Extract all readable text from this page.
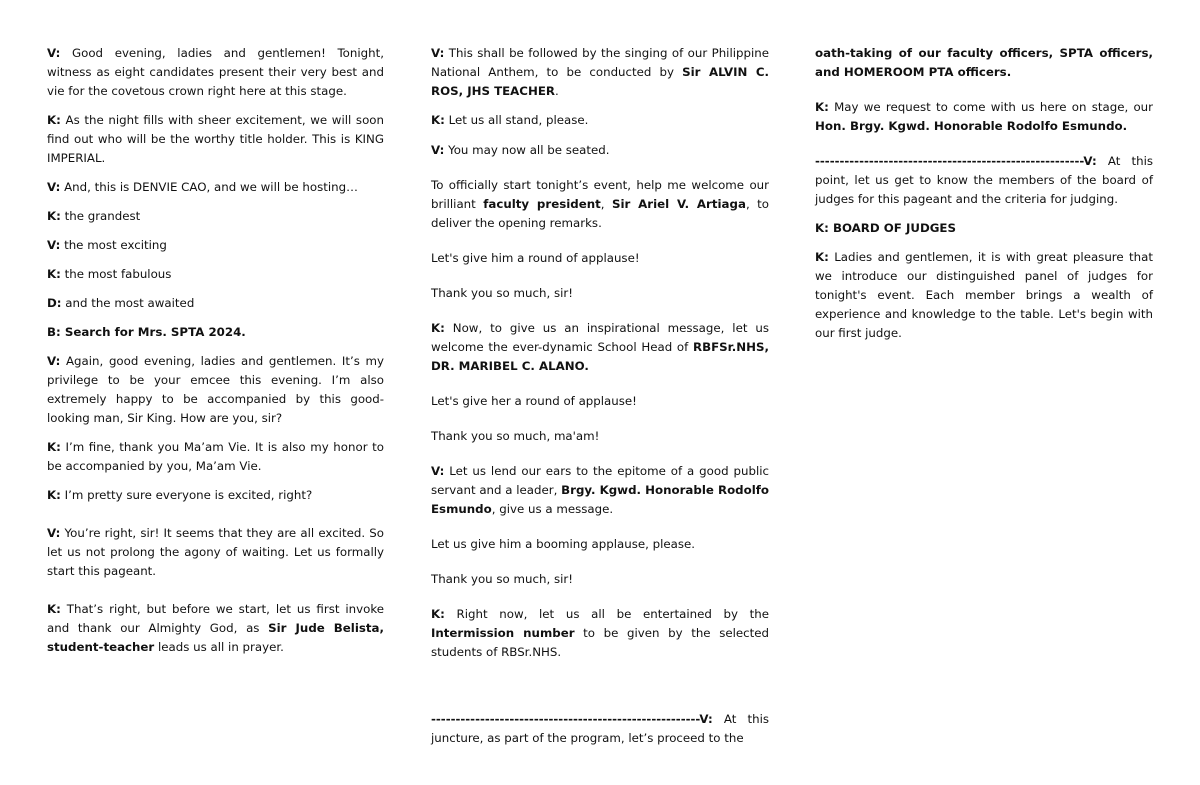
V: Good evening, ladies and gentlemen! Tonight, witness as eight candidates present their very best and vie for the covetous crown right here at this stage.

K: As the night fills with sheer excitement, we will soon find out who will be the worthy title holder. This is KING IMPERIAL.

V: And, this is DENVIE CAO, and we will be hosting…

K: the grandest

V: the most exciting

K: the most fabulous

D: and the most awaited

B: Search for Mrs. SPTA 2024.

V: Again, good evening, ladies and gentlemen. It’s my privilege to be your emcee this evening. I’m also extremely happy to be accompanied by this good-looking man, Sir King. How are you, sir?

K: I’m fine, thank you Ma’am Vie. It is also my honor to be accompanied by you, Ma’am Vie.

K: I’m pretty sure everyone is excited, right?

V: You’re right, sir! It seems that they are all excited. So let us not prolong the agony of waiting. Let us formally start this pageant.

K: That’s right, but before we start, let us first invoke and thank our Almighty God, as Sir Jude Belista, student-teacher leads us all in prayer.

V: This shall be followed by the singing of our Philippine National Anthem, to be conducted by Sir ALVIN C. ROS, JHS TEACHER.

K: Let us all stand, please.

V: You may now all be seated.

To officially start tonight’s event, help me welcome our brilliant faculty president, Sir Ariel V. Artiaga, to deliver the opening remarks.

Let's give him a round of applause!

Thank you so much, sir!

K: Now, to give us an inspirational message, let us welcome the ever-dynamic School Head of RBFSr.NHS, DR. MARIBEL C. ALANO.

Let's give her a round of applause!

Thank you so much, ma'am!

V: Let us lend our ears to the epitome of a good public servant and a leader, Brgy. Kgwd. Honorable Rodolfo Esmundo, give us a message.

Let us give him a booming applause, please.

Thank you so much, sir!

K: Right now, let us all be entertained by the Intermission number to be given by the selected students of RBSr.NHS.

-------------------------------------------------------V: At this juncture, as part of the program, let’s proceed to the

oath-taking of our faculty officers, SPTA officers, and HOMEROOM PTA officers.

K: May we request to come with us here on stage, our Hon. Brgy. Kgwd. Honorable Rodolfo Esmundo.

-------------------------------------------------------V: At this point, let us get to know the members of the board of judges for this pageant and the criteria for judging.

K: BOARD OF JUDGES

K: Ladies and gentlemen, it is with great pleasure that we introduce our distinguished panel of judges for tonight's event. Each member brings a wealth of experience and knowledge to the table. Let's begin with our first judge.
